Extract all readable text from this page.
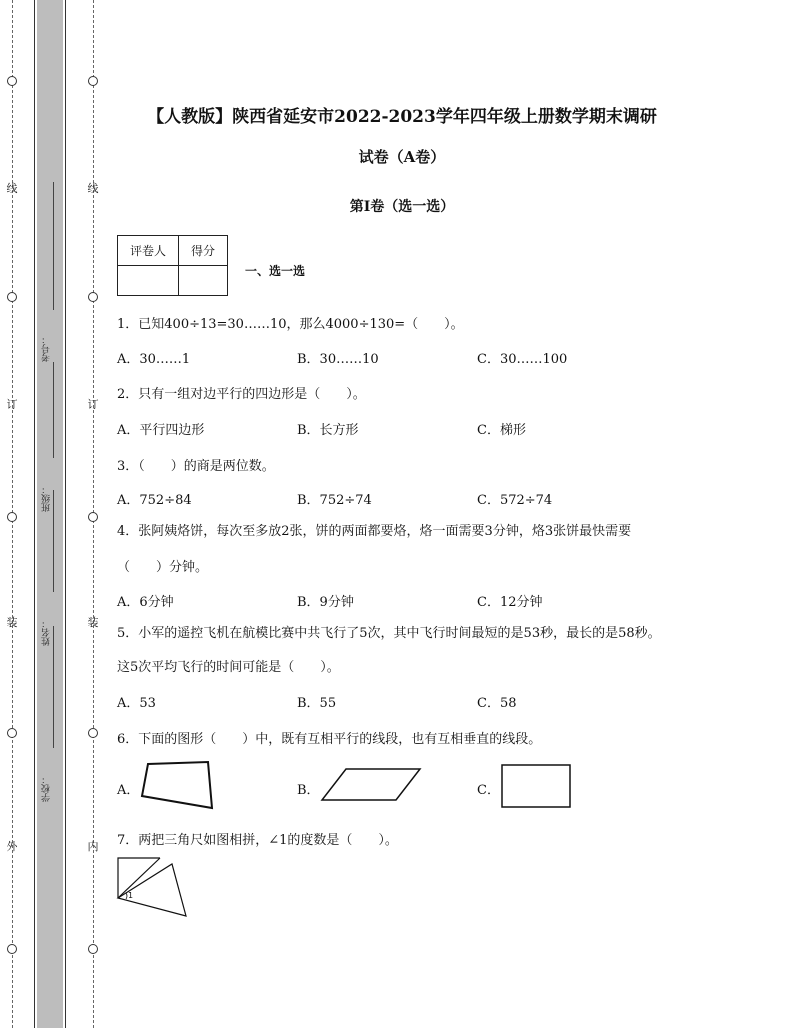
线
订
装
外
线
订
装
内
考号：
班级：
姓名：
学校：
【人教版】陕西省延安市2022-2023学年四年级上册数学期末调研
试卷（A卷）
第I卷（选一选）
评卷人	得分

一、选一选
1．已知400÷13=30……10，那么4000÷130=（　　）。
A．30……1	B．30……10	C．30……100
2．只有一组对边平行的四边形是（　　）。
A．平行四边形	B．长方形	C．梯形
3．（　　）的商是两位数。
A．752÷84	B．752÷74	C．572÷74
4．张阿姨烙饼，每次至多放2张，饼的两面都要烙，烙一面需要3分钟，烙3张饼最快需要
（　　）分钟。
A．6分钟	B．9分钟	C．12分钟
5．小军的遥控飞机在航模比赛中共飞行了5次，其中飞行时间最短的是53秒，最长的是58秒。
这5次平均飞行的时间可能是（　　）。
A．53	B．55	C．58
6．下面的图形（　　）中，既有互相平行的线段，也有互相垂直的线段。
A．	B．	C．
7．两把三角尺如图相拼，∠1的度数是（　　）。
1
